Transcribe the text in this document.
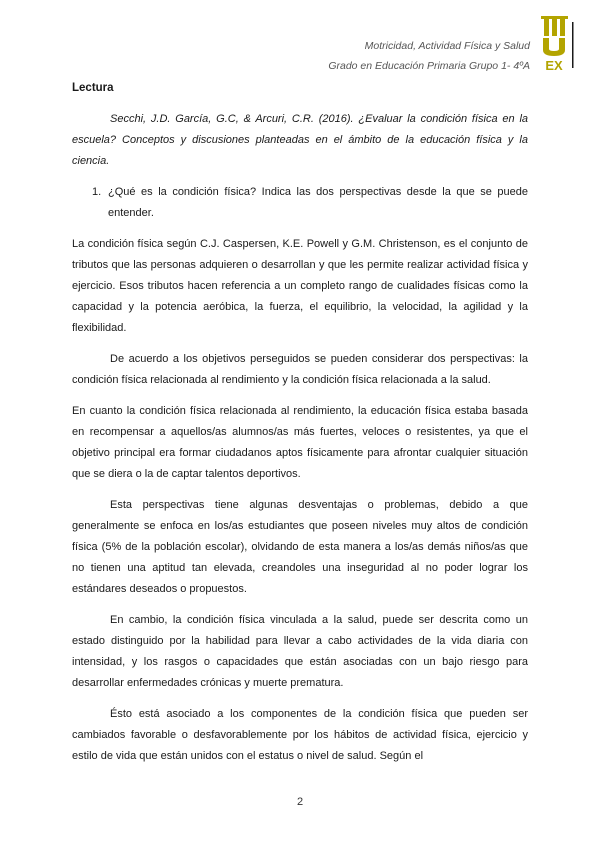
Motricidad, Actividad Física y Salud
Grado en Educación Primaria Grupo 1- 4ºA EX
Lectura

Secchi, J.D. García, G.C, & Arcuri, C.R. (2016). ¿Evaluar la condición física en la escuela? Conceptos y discusiones planteadas en el ámbito de la educación física y la ciencia.

1. ¿Qué es la condición física? Indica las dos perspectivas desde la que se puede entender.

La condición física según C.J. Caspersen, K.E. Powell y G.M. Christenson, es el conjunto de tributos que las personas adquieren o desarrollan y que les permite realizar actividad física y ejercicio. Esos tributos hacen referencia a un completo rango de cualidades físicas como la capacidad y la potencia aeróbica, la fuerza, el equilibrio, la velocidad, la agilidad y la flexibilidad.

De acuerdo a los objetivos perseguidos se pueden considerar dos perspectivas: la condición física relacionada al rendimiento y la condición física relacionada a la salud.

En cuanto la condición física relacionada al rendimiento, la educación física estaba basada en recompensar a aquellos/as alumnos/as más fuertes, veloces o resistentes, ya que el objetivo principal era formar ciudadanos aptos físicamente para afrontar cualquier situación que se diera o la de captar talentos deportivos.

Esta perspectivas tiene algunas desventajas o problemas, debido a que generalmente se enfoca en los/as estudiantes que poseen niveles muy altos de condición física (5% de la población escolar), olvidando de esta manera a los/as demás niños/as que no tienen una aptitud tan elevada, creandoles una inseguridad al no poder lograr los estándares deseados o propuestos.

En cambio, la condición física vinculada a la salud, puede ser descrita como un estado distinguido por la habilidad para llevar a cabo actividades de la vida diaria con intensidad, y los rasgos o capacidades que están asociadas con un bajo riesgo para desarrollar enfermedades crónicas y muerte prematura.

Ésto está asociado a los componentes de la condición física que pueden ser cambiados favorable o desfavorablemente por los hábitos de actividad física, ejercicio y estilo de vida que están unidos con el estatus o nivel de salud. Según el

2
